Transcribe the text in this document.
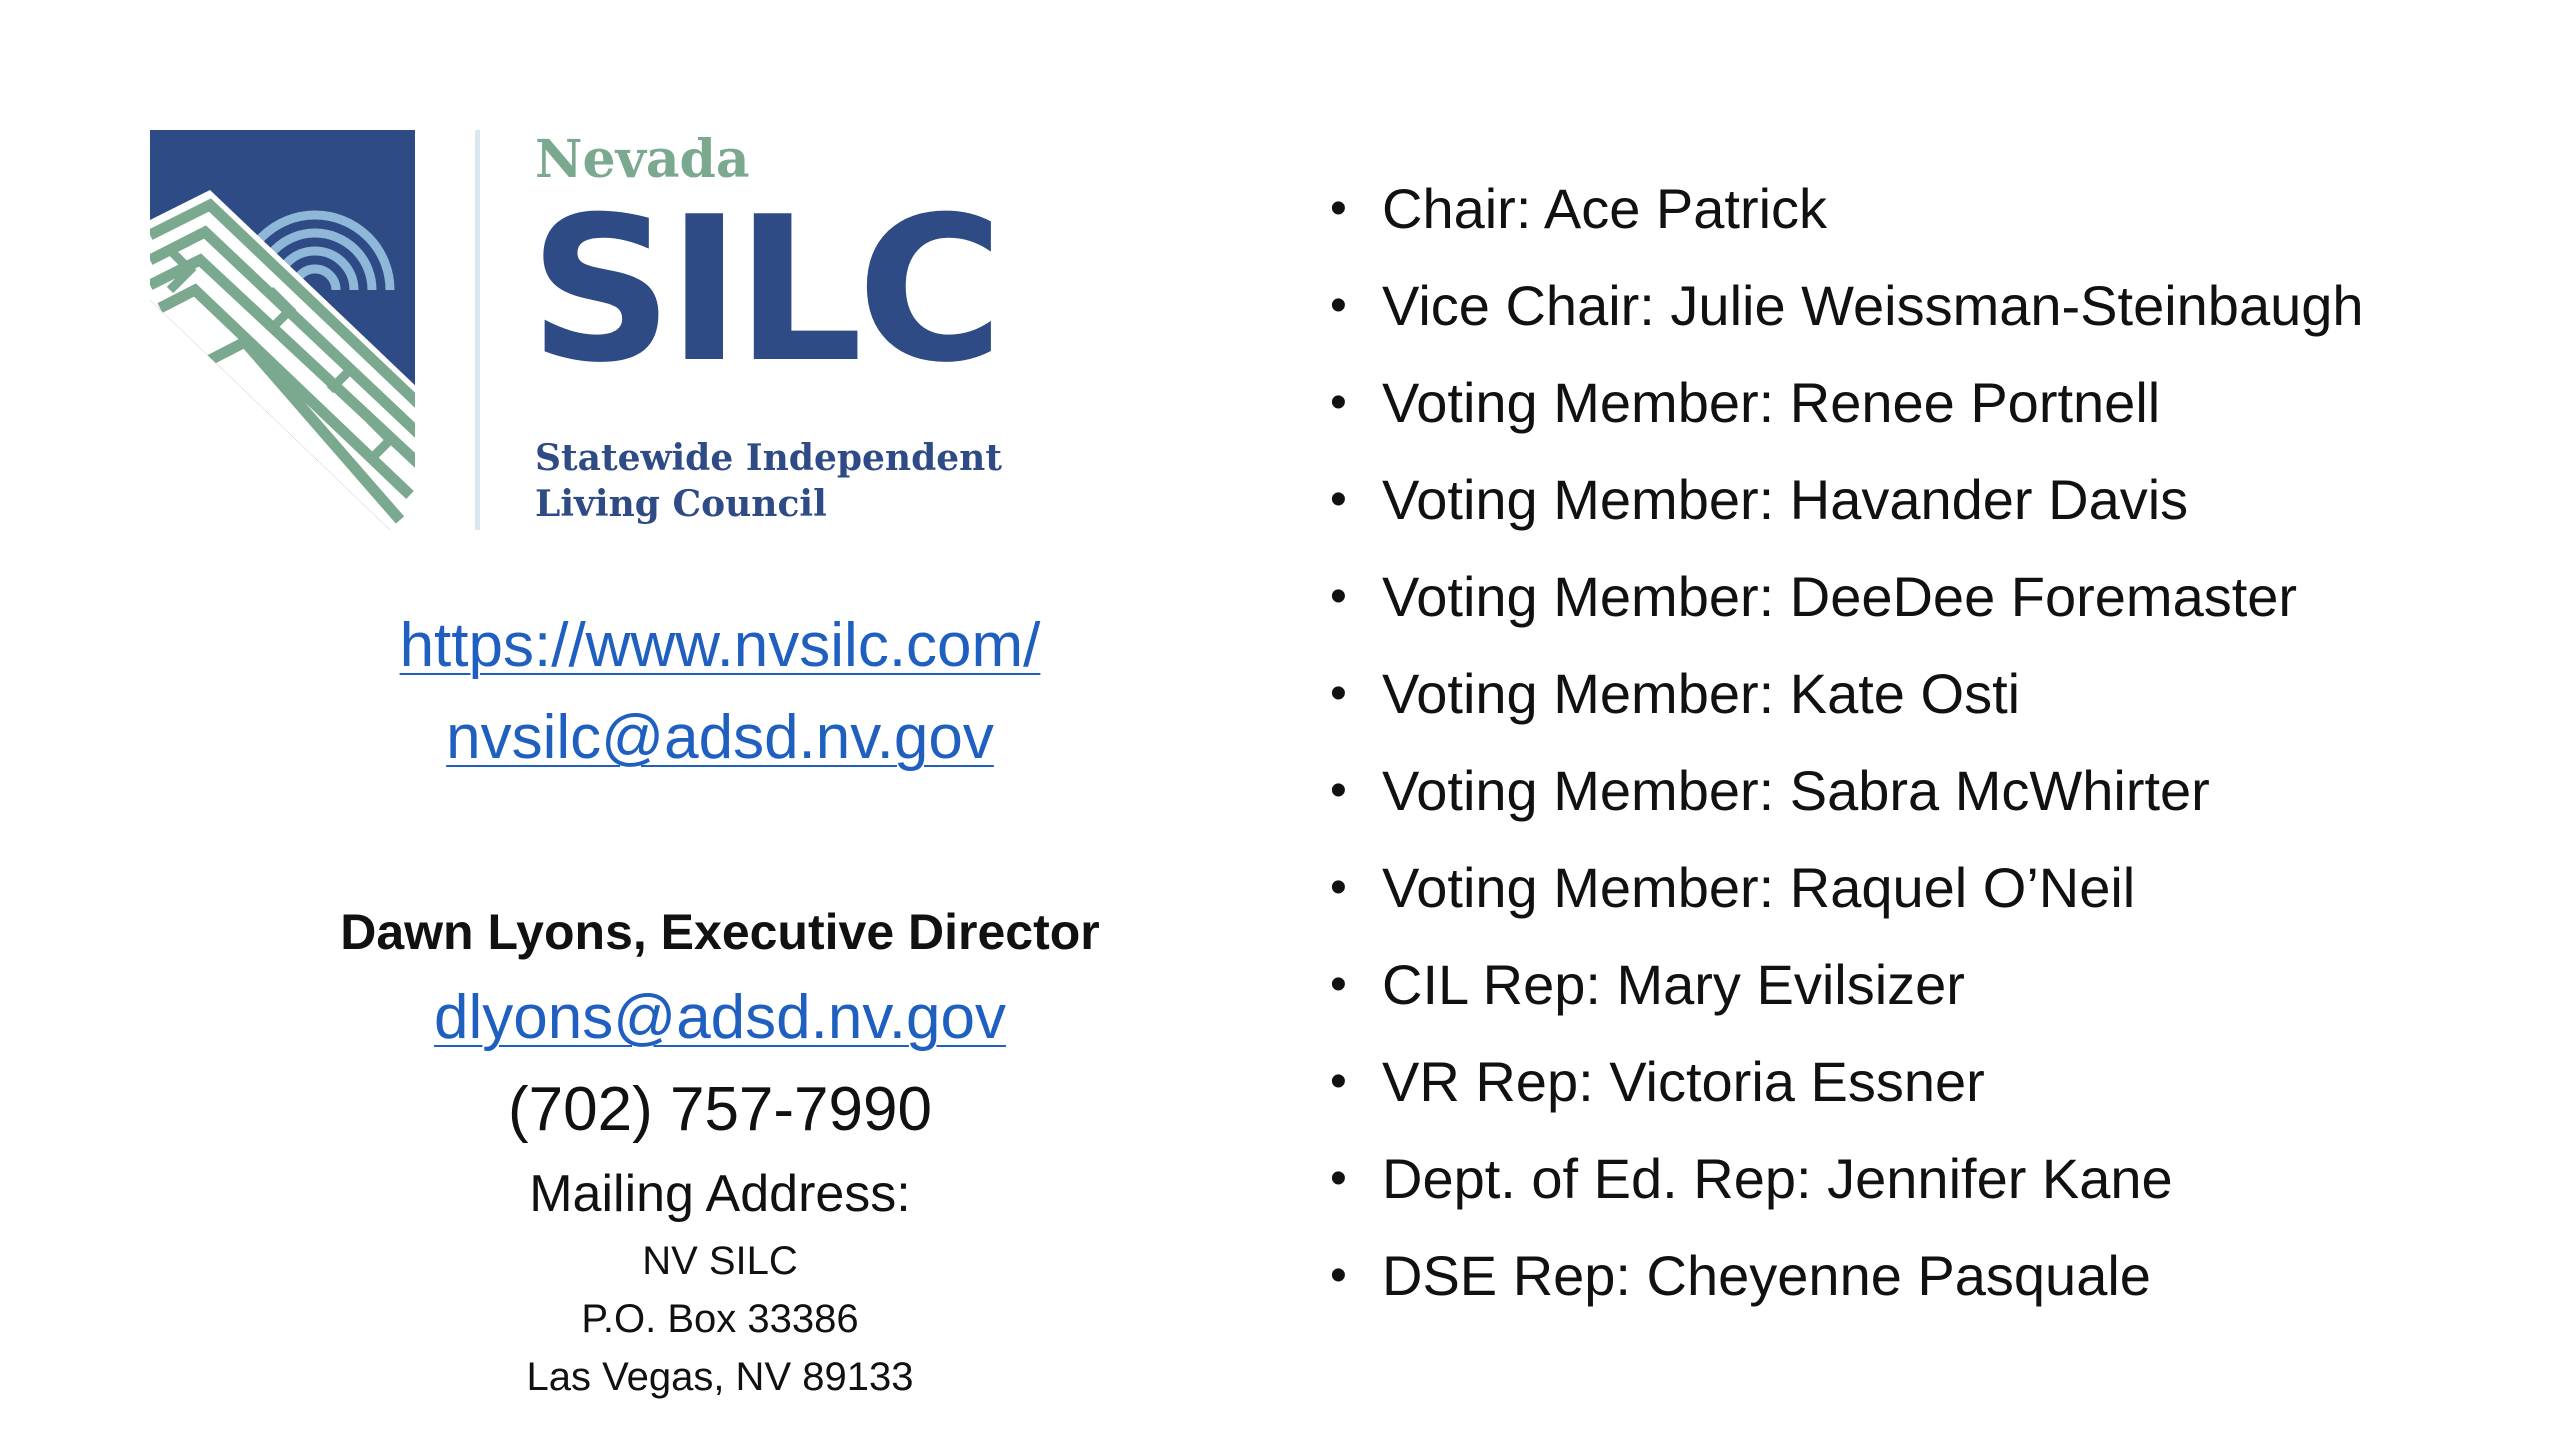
Nevada
SILC
Statewide Independent
Living Council
https://www.nvsilc.com/
nvsilc@adsd.nv.gov
Dawn Lyons, Executive Director
dlyons@adsd.nv.gov
(702) 757-7990
Mailing Address:
NV SILC
P.O. Box 33386
Las Vegas, NV 89133
• Chair: Ace Patrick
• Vice Chair: Julie Weissman-Steinbaugh
• Voting Member: Renee Portnell
• Voting Member: Havander Davis
• Voting Member: DeeDee Foremaster
• Voting Member: Kate Osti
• Voting Member: Sabra McWhirter
• Voting Member: Raquel O’Neil
• CIL Rep: Mary Evilsizer
• VR Rep: Victoria Essner
• Dept. of Ed. Rep: Jennifer Kane
• DSE Rep: Cheyenne Pasquale
